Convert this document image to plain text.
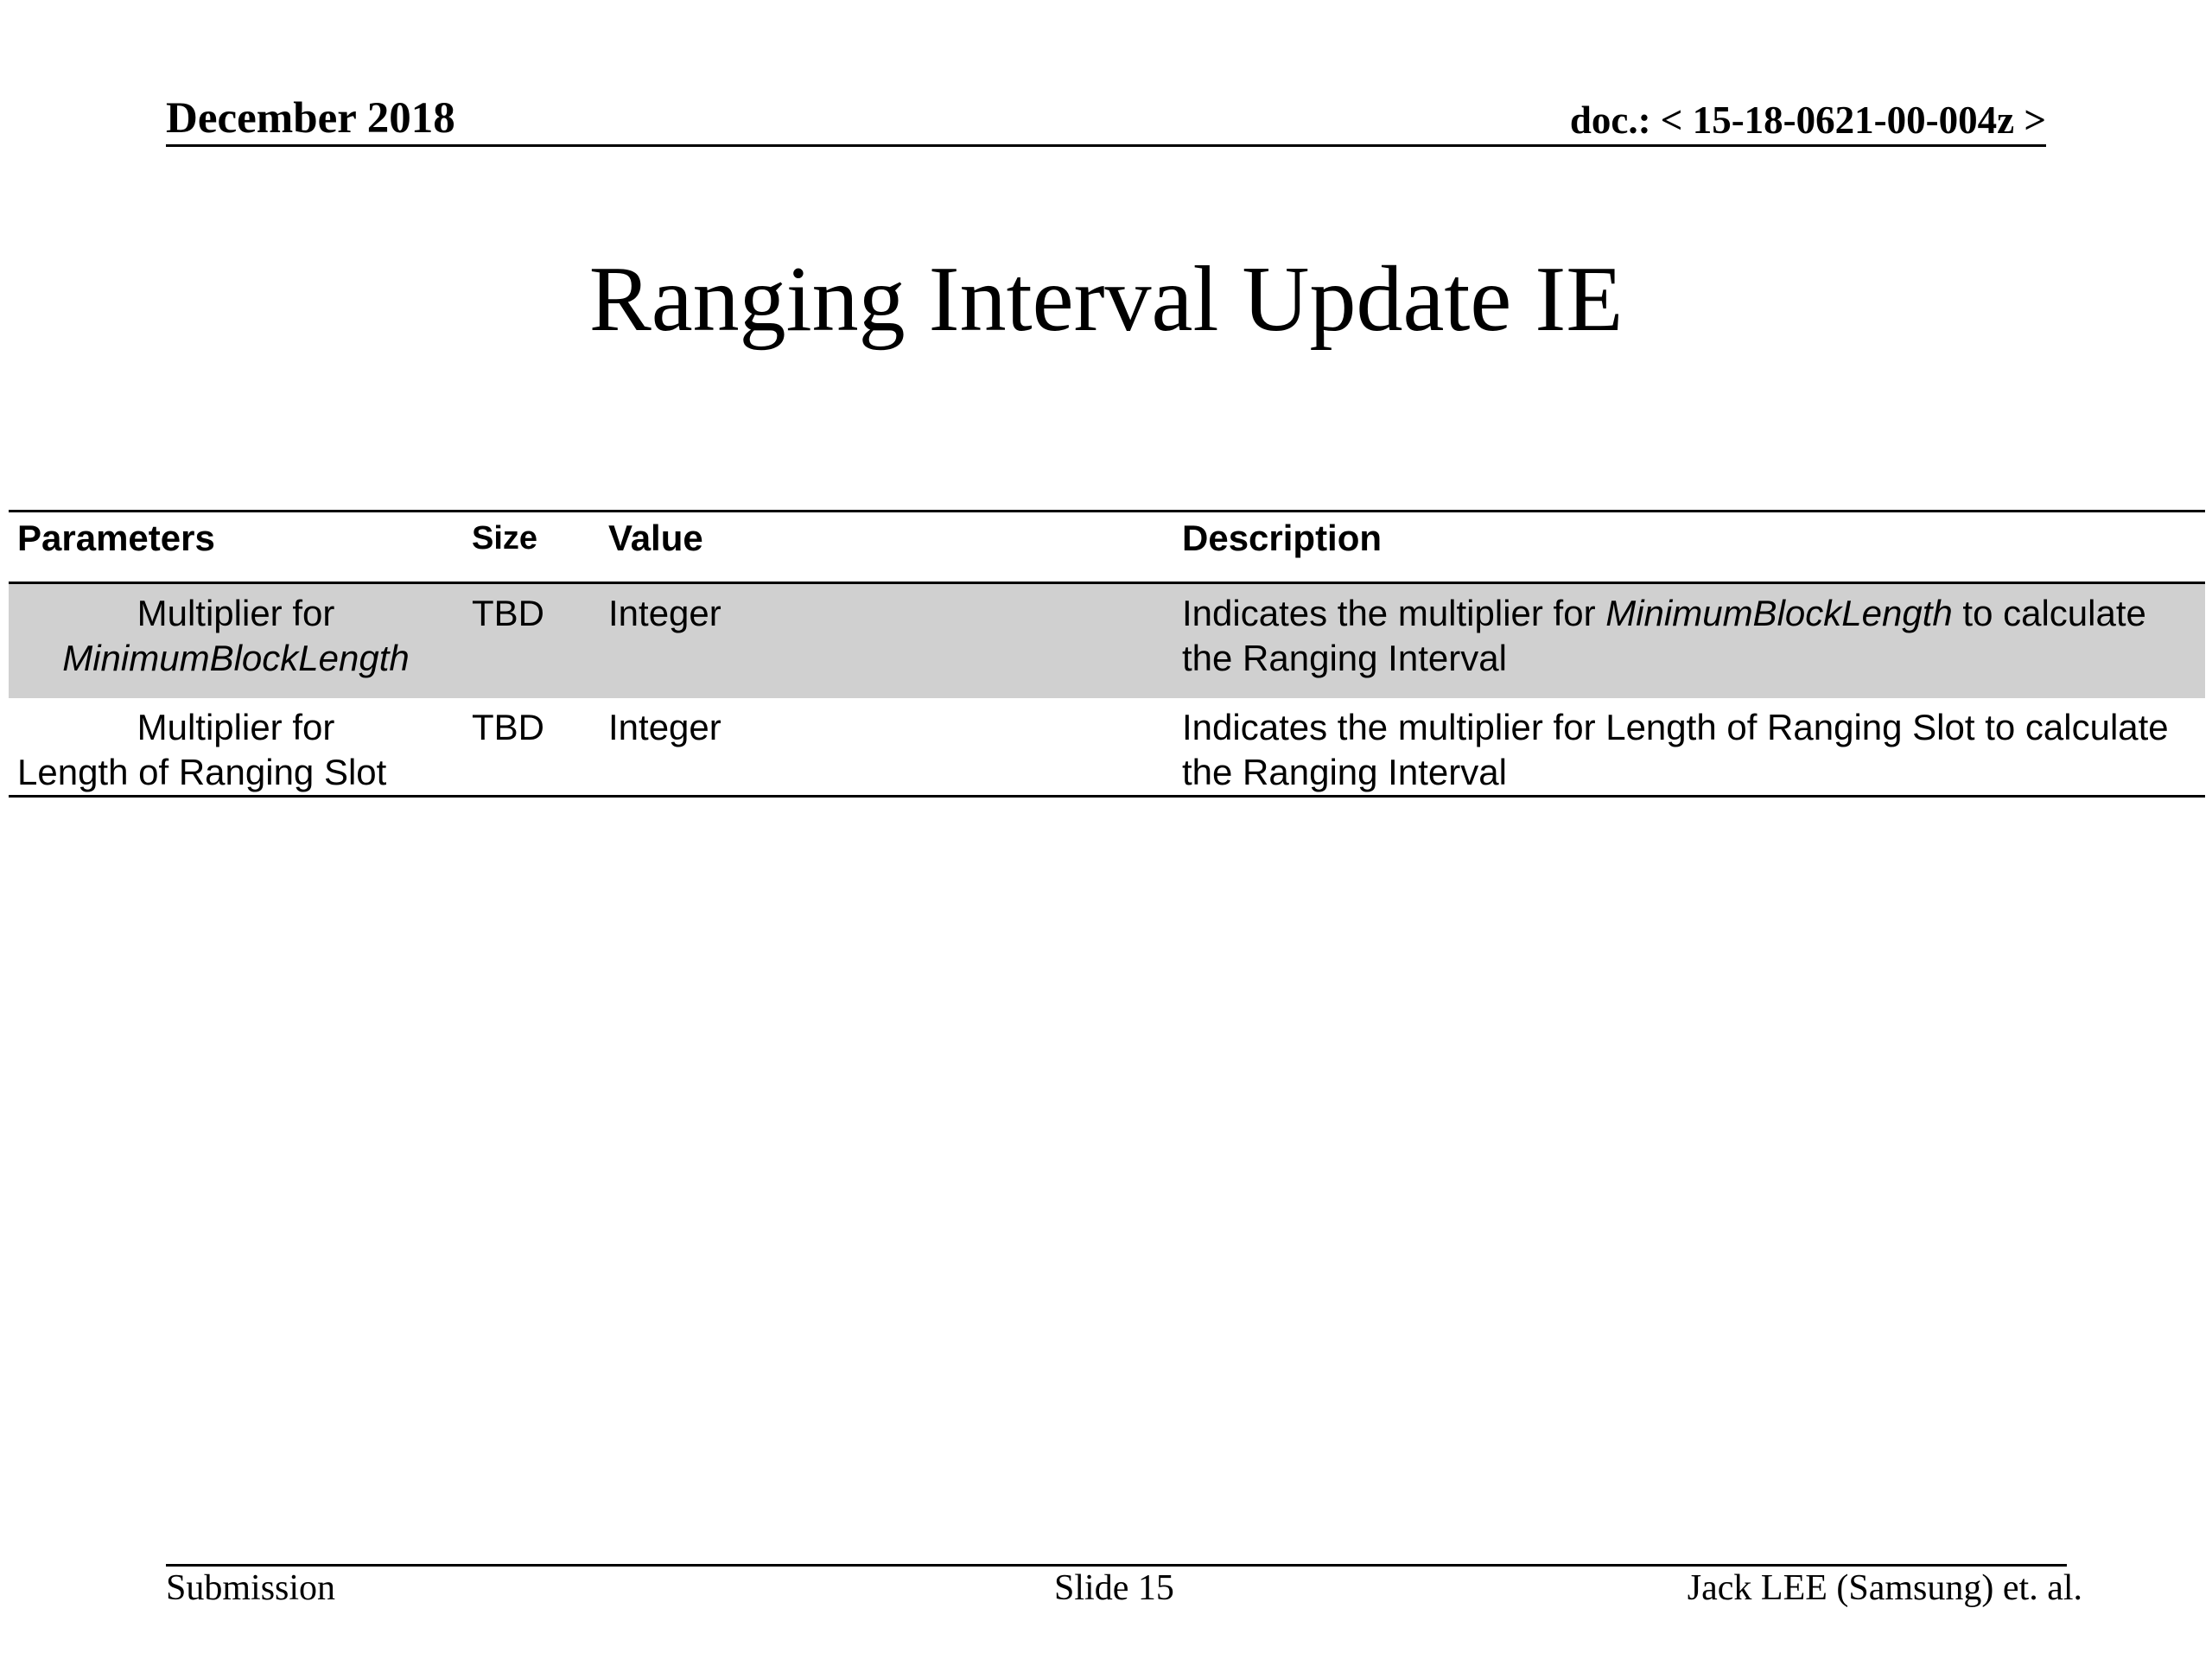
December 2018	doc.: < 15-18-0621-00-004z >
Ranging Interval Update IE
Parameters	Size	Value	Description

Multiplier for
MinimumBlockLength	TBD	Integer	Indicates the multiplier for MinimumBlockLength to calculate the Ranging Interval

Multiplier for
Length of Ranging Slot	TBD	Integer	Indicates the multiplier for Length of Ranging Slot to calculate the Ranging Interval
Submission	Slide 15	Jack LEE (Samsung) et. al.
